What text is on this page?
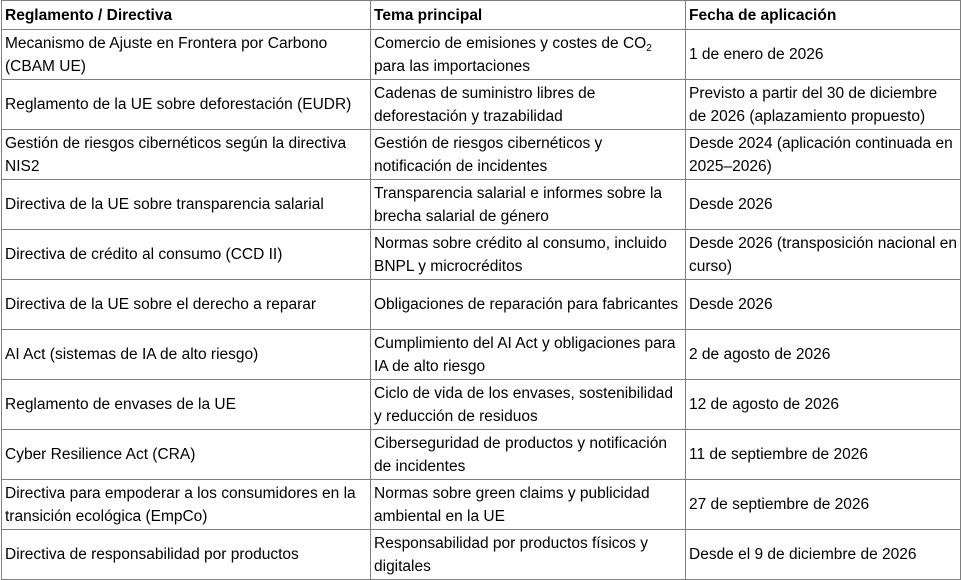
Reglamento / Directiva	Tema principal	Fecha de aplicación
Mecanismo de Ajuste en Frontera por Carbono (CBAM UE)	Comercio de emisiones y costes de $CO_2$ para las importaciones	1 de enero de 2026
Reglamento de la UE sobre deforestación (EUDR)	Cadenas de suministro libres de deforestación y trazabilidad	Previsto a partir del 30 de diciembre de 2026 (aplazamiento propuesto)
Gestión de riesgos cibernéticos según la directiva NIS2	Gestión de riesgos cibernéticos y notificación de incidentes	Desde 2024 (aplicación continuada en 2025–2026)
Directiva de la UE sobre transparencia salarial	Transparencia salarial e informes sobre la brecha salarial de género	Desde 2026
Directiva de crédito al consumo (CCD II)	Normas sobre crédito al consumo, incluido BNPL y microcréditos	Desde 2026 (transposición nacional en curso)
Directiva de la UE sobre el derecho a reparar	Obligaciones de reparación para fabricantes	Desde 2026
AI Act (sistemas de IA de alto riesgo)	Cumplimiento del AI Act y obligaciones para IA de alto riesgo	2 de agosto de 2026
Reglamento de envases de la UE	Ciclo de vida de los envases, sostenibilidad y reducción de residuos	12 de agosto de 2026
Cyber Resilience Act (CRA)	Ciberseguridad de productos y notificación de incidentes	11 de septiembre de 2026
Directiva para empoderar a los consumidores en la transición ecológica (EmpCo)	Normas sobre green claims y publicidad ambiental en la UE	27 de septiembre de 2026
Directiva de responsabilidad por productos	Responsabilidad por productos físicos y digitales	Desde el 9 de diciembre de 2026
